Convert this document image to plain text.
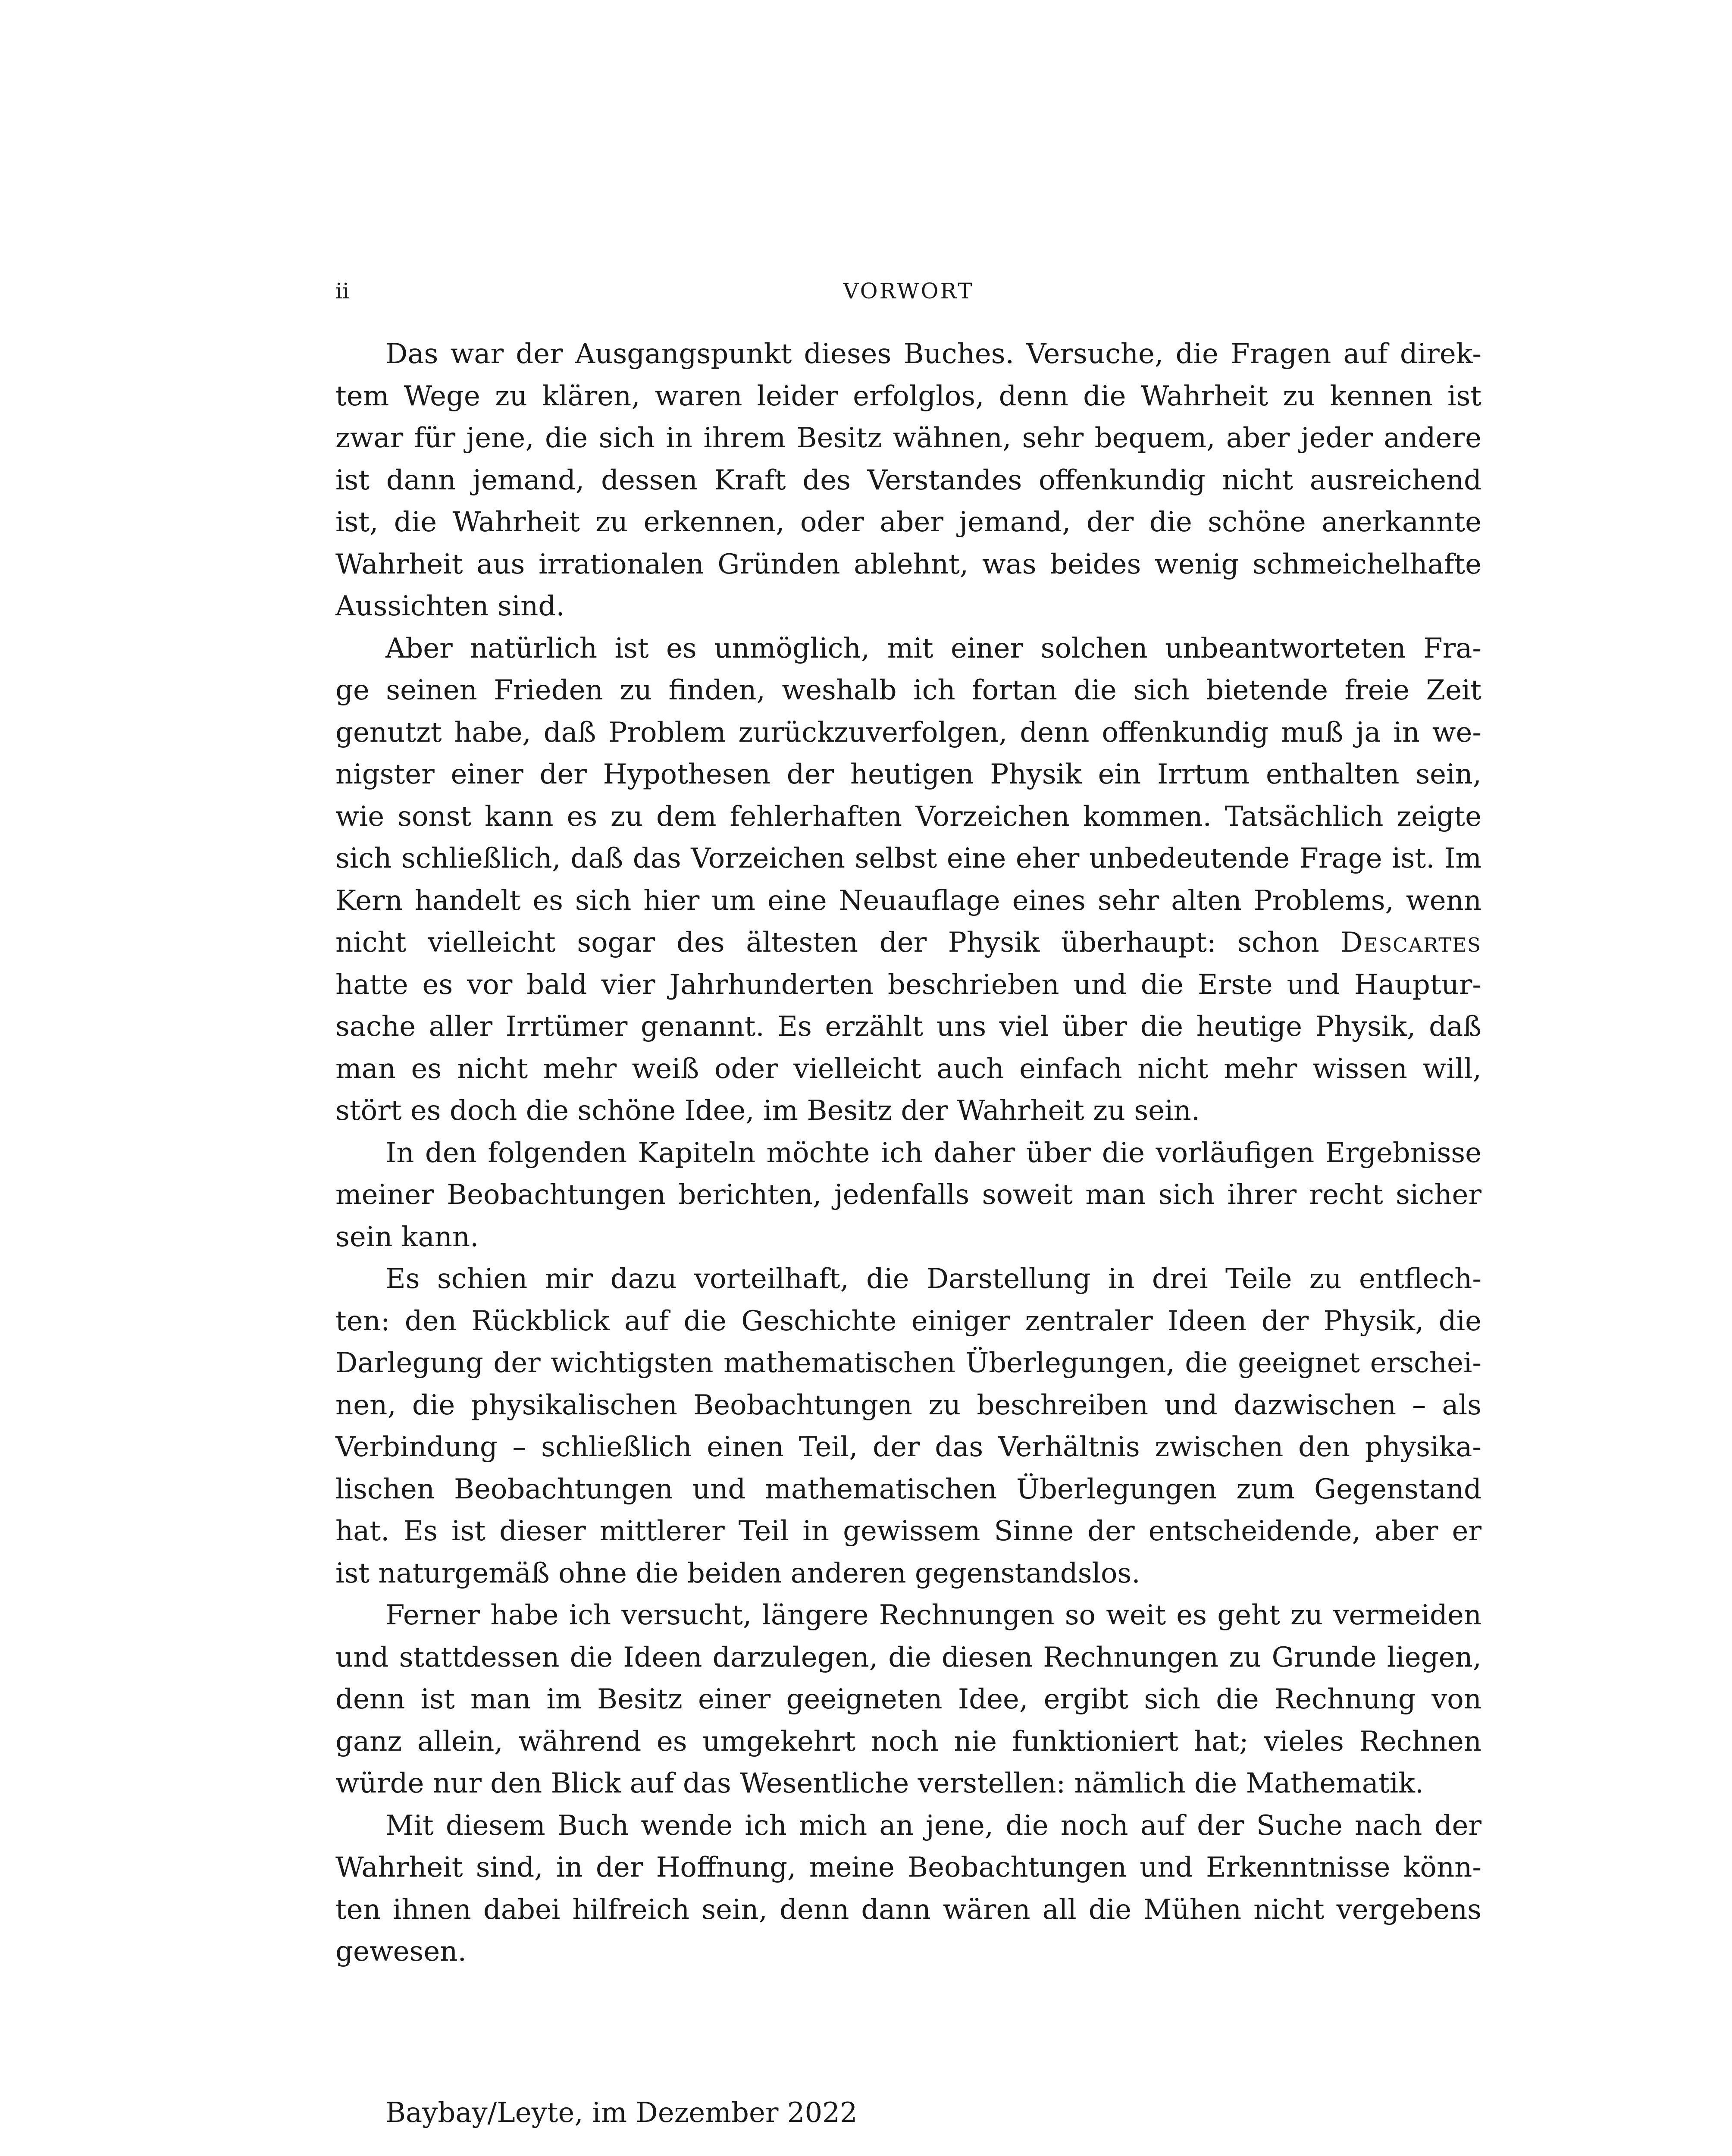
ii	VORWORT

Das war der Ausgangspunkt dieses Buches. Versuche, die Fragen auf direk-
tem Wege zu klären, waren leider erfolglos, denn die Wahrheit zu kennen ist
zwar für jene, die sich in ihrem Besitz wähnen, sehr bequem, aber jeder andere
ist dann jemand, dessen Kraft des Verstandes offenkundig nicht ausreichend
ist, die Wahrheit zu erkennen, oder aber jemand, der die schöne anerkannte
Wahrheit aus irrationalen Gründen ablehnt, was beides wenig schmeichelhafte
Aussichten sind.

Aber natürlich ist es unmöglich, mit einer solchen unbeantworteten Fra-
ge seinen Frieden zu finden, weshalb ich fortan die sich bietende freie Zeit
genutzt habe, daß Problem zurückzuverfolgen, denn offenkundig muß ja in we-
nigster einer der Hypothesen der heutigen Physik ein Irrtum enthalten sein,
wie sonst kann es zu dem fehlerhaften Vorzeichen kommen. Tatsächlich zeigte
sich schließlich, daß das Vorzeichen selbst eine eher unbedeutende Frage ist. Im
Kern handelt es sich hier um eine Neuauflage eines sehr alten Problems, wenn
nicht vielleicht sogar des ältesten der Physik überhaupt: schon Descartes
hatte es vor bald vier Jahrhunderten beschrieben und die Erste und Hauptur-
sache aller Irrtümer genannt. Es erzählt uns viel über die heutige Physik, daß
man es nicht mehr weiß oder vielleicht auch einfach nicht mehr wissen will,
stört es doch die schöne Idee, im Besitz der Wahrheit zu sein.

In den folgenden Kapiteln möchte ich daher über die vorläufigen Ergebnisse
meiner Beobachtungen berichten, jedenfalls soweit man sich ihrer recht sicher
sein kann.

Es schien mir dazu vorteilhaft, die Darstellung in drei Teile zu entflech-
ten: den Rückblick auf die Geschichte einiger zentraler Ideen der Physik, die
Darlegung der wichtigsten mathematischen Überlegungen, die geeignet erschei-
nen, die physikalischen Beobachtungen zu beschreiben und dazwischen – als
Verbindung – schließlich einen Teil, der das Verhältnis zwischen den physika-
lischen Beobachtungen und mathematischen Überlegungen zum Gegenstand
hat. Es ist dieser mittlerer Teil in gewissem Sinne der entscheidende, aber er
ist naturgemäß ohne die beiden anderen gegenstandslos.

Ferner habe ich versucht, längere Rechnungen so weit es geht zu vermeiden
und stattdessen die Ideen darzulegen, die diesen Rechnungen zu Grunde liegen,
denn ist man im Besitz einer geeigneten Idee, ergibt sich die Rechnung von
ganz allein, während es umgekehrt noch nie funktioniert hat; vieles Rechnen
würde nur den Blick auf das Wesentliche verstellen: nämlich die Mathematik.

Mit diesem Buch wende ich mich an jene, die noch auf der Suche nach der
Wahrheit sind, in der Hoffnung, meine Beobachtungen und Erkenntnisse könn-
ten ihnen dabei hilfreich sein, denn dann wären all die Mühen nicht vergebens
gewesen.

Baybay/Leyte, im Dezember 2022
